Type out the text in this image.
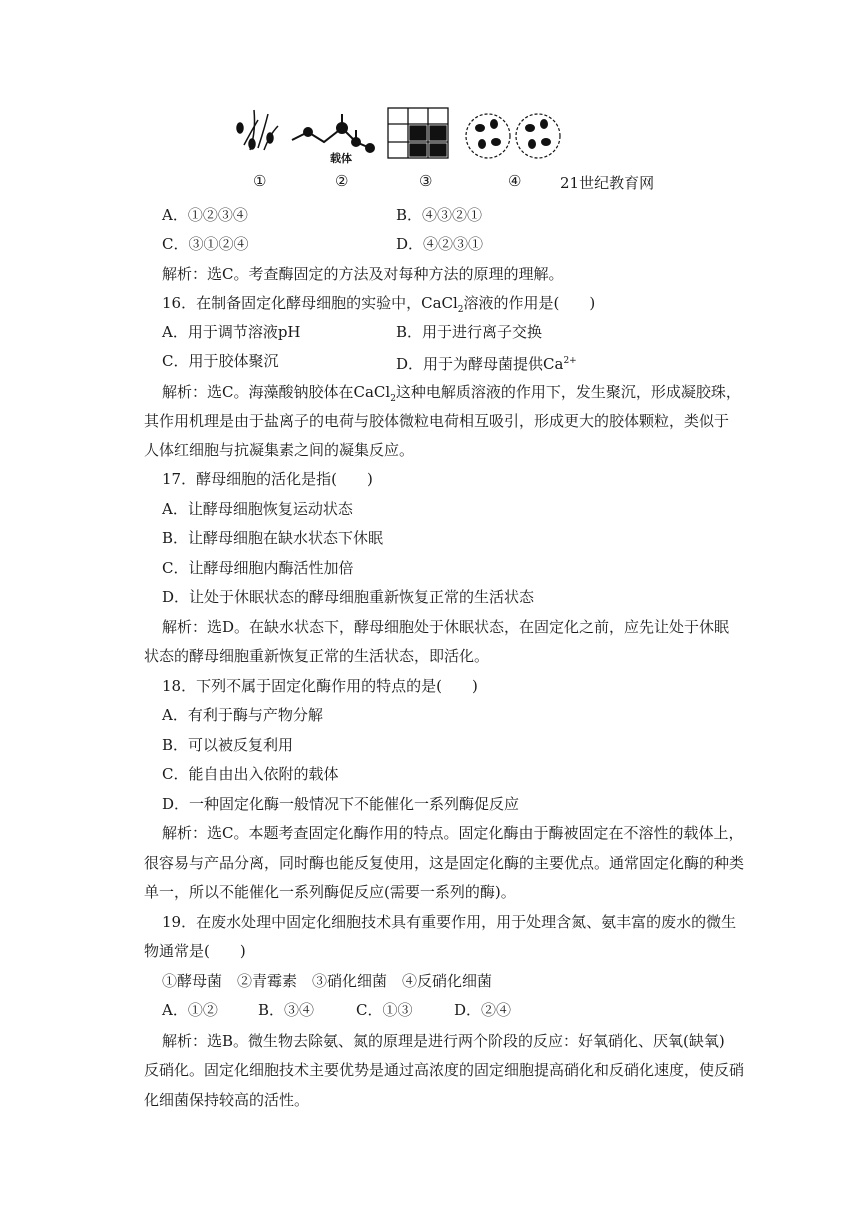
载体
①	②	③	④	21世纪教育网
A．①②③④	B．④③②①
C．③①②④	D．④②③①
解析：选C。考查酶固定的方法及对每种方法的原理的理解。
16．在制备固定化酵母细胞的实验中，CaCl$_2$溶液的作用是(　　)
A．用于调节溶液pH	B．用于进行离子交换
C．用于胶体聚沉	D．用于为酵母菌提供$Ca^{2+}$
解析：选C。海藻酸钠胶体在CaCl$_2$这种电解质溶液的作用下，发生聚沉，形成凝胶珠，
其作用机理是由于盐离子的电荷与胶体微粒电荷相互吸引，形成更大的胶体颗粒，类似于
人体红细胞与抗凝集素之间的凝集反应。
17．酵母细胞的活化是指(　　)
A．让酵母细胞恢复运动状态
B．让酵母细胞在缺水状态下休眠
C．让酵母细胞内酶活性加倍
D．让处于休眠状态的酵母细胞重新恢复正常的生活状态
解析：选D。在缺水状态下，酵母细胞处于休眠状态，在固定化之前，应先让处于休眠
状态的酵母细胞重新恢复正常的生活状态，即活化。
18．下列不属于固定化酶作用的特点的是(　　)
A．有利于酶与产物分解
B．可以被反复利用
C．能自由出入依附的载体
D．一种固定化酶一般情况下不能催化一系列酶促反应
解析：选C。本题考查固定化酶作用的特点。固定化酶由于酶被固定在不溶性的载体上，
很容易与产品分离，同时酶也能反复使用，这是固定化酶的主要优点。通常固定化酶的种类
单一，所以不能催化一系列酶促反应(需要一系列的酶)。
19．在废水处理中固定化细胞技术具有重要作用，用于处理含氮、氨丰富的废水的微生
物通常是(　　)
①酵母菌　②青霉素　③硝化细菌　④反硝化细菌
A．①②	B．③④	C．①③	D．②④
解析：选B。微生物去除氨、氮的原理是进行两个阶段的反应：好氧硝化、厌氧(缺氧)
反硝化。固定化细胞技术主要优势是通过高浓度的固定细胞提高硝化和反硝化速度，使反硝
化细菌保持较高的活性。
